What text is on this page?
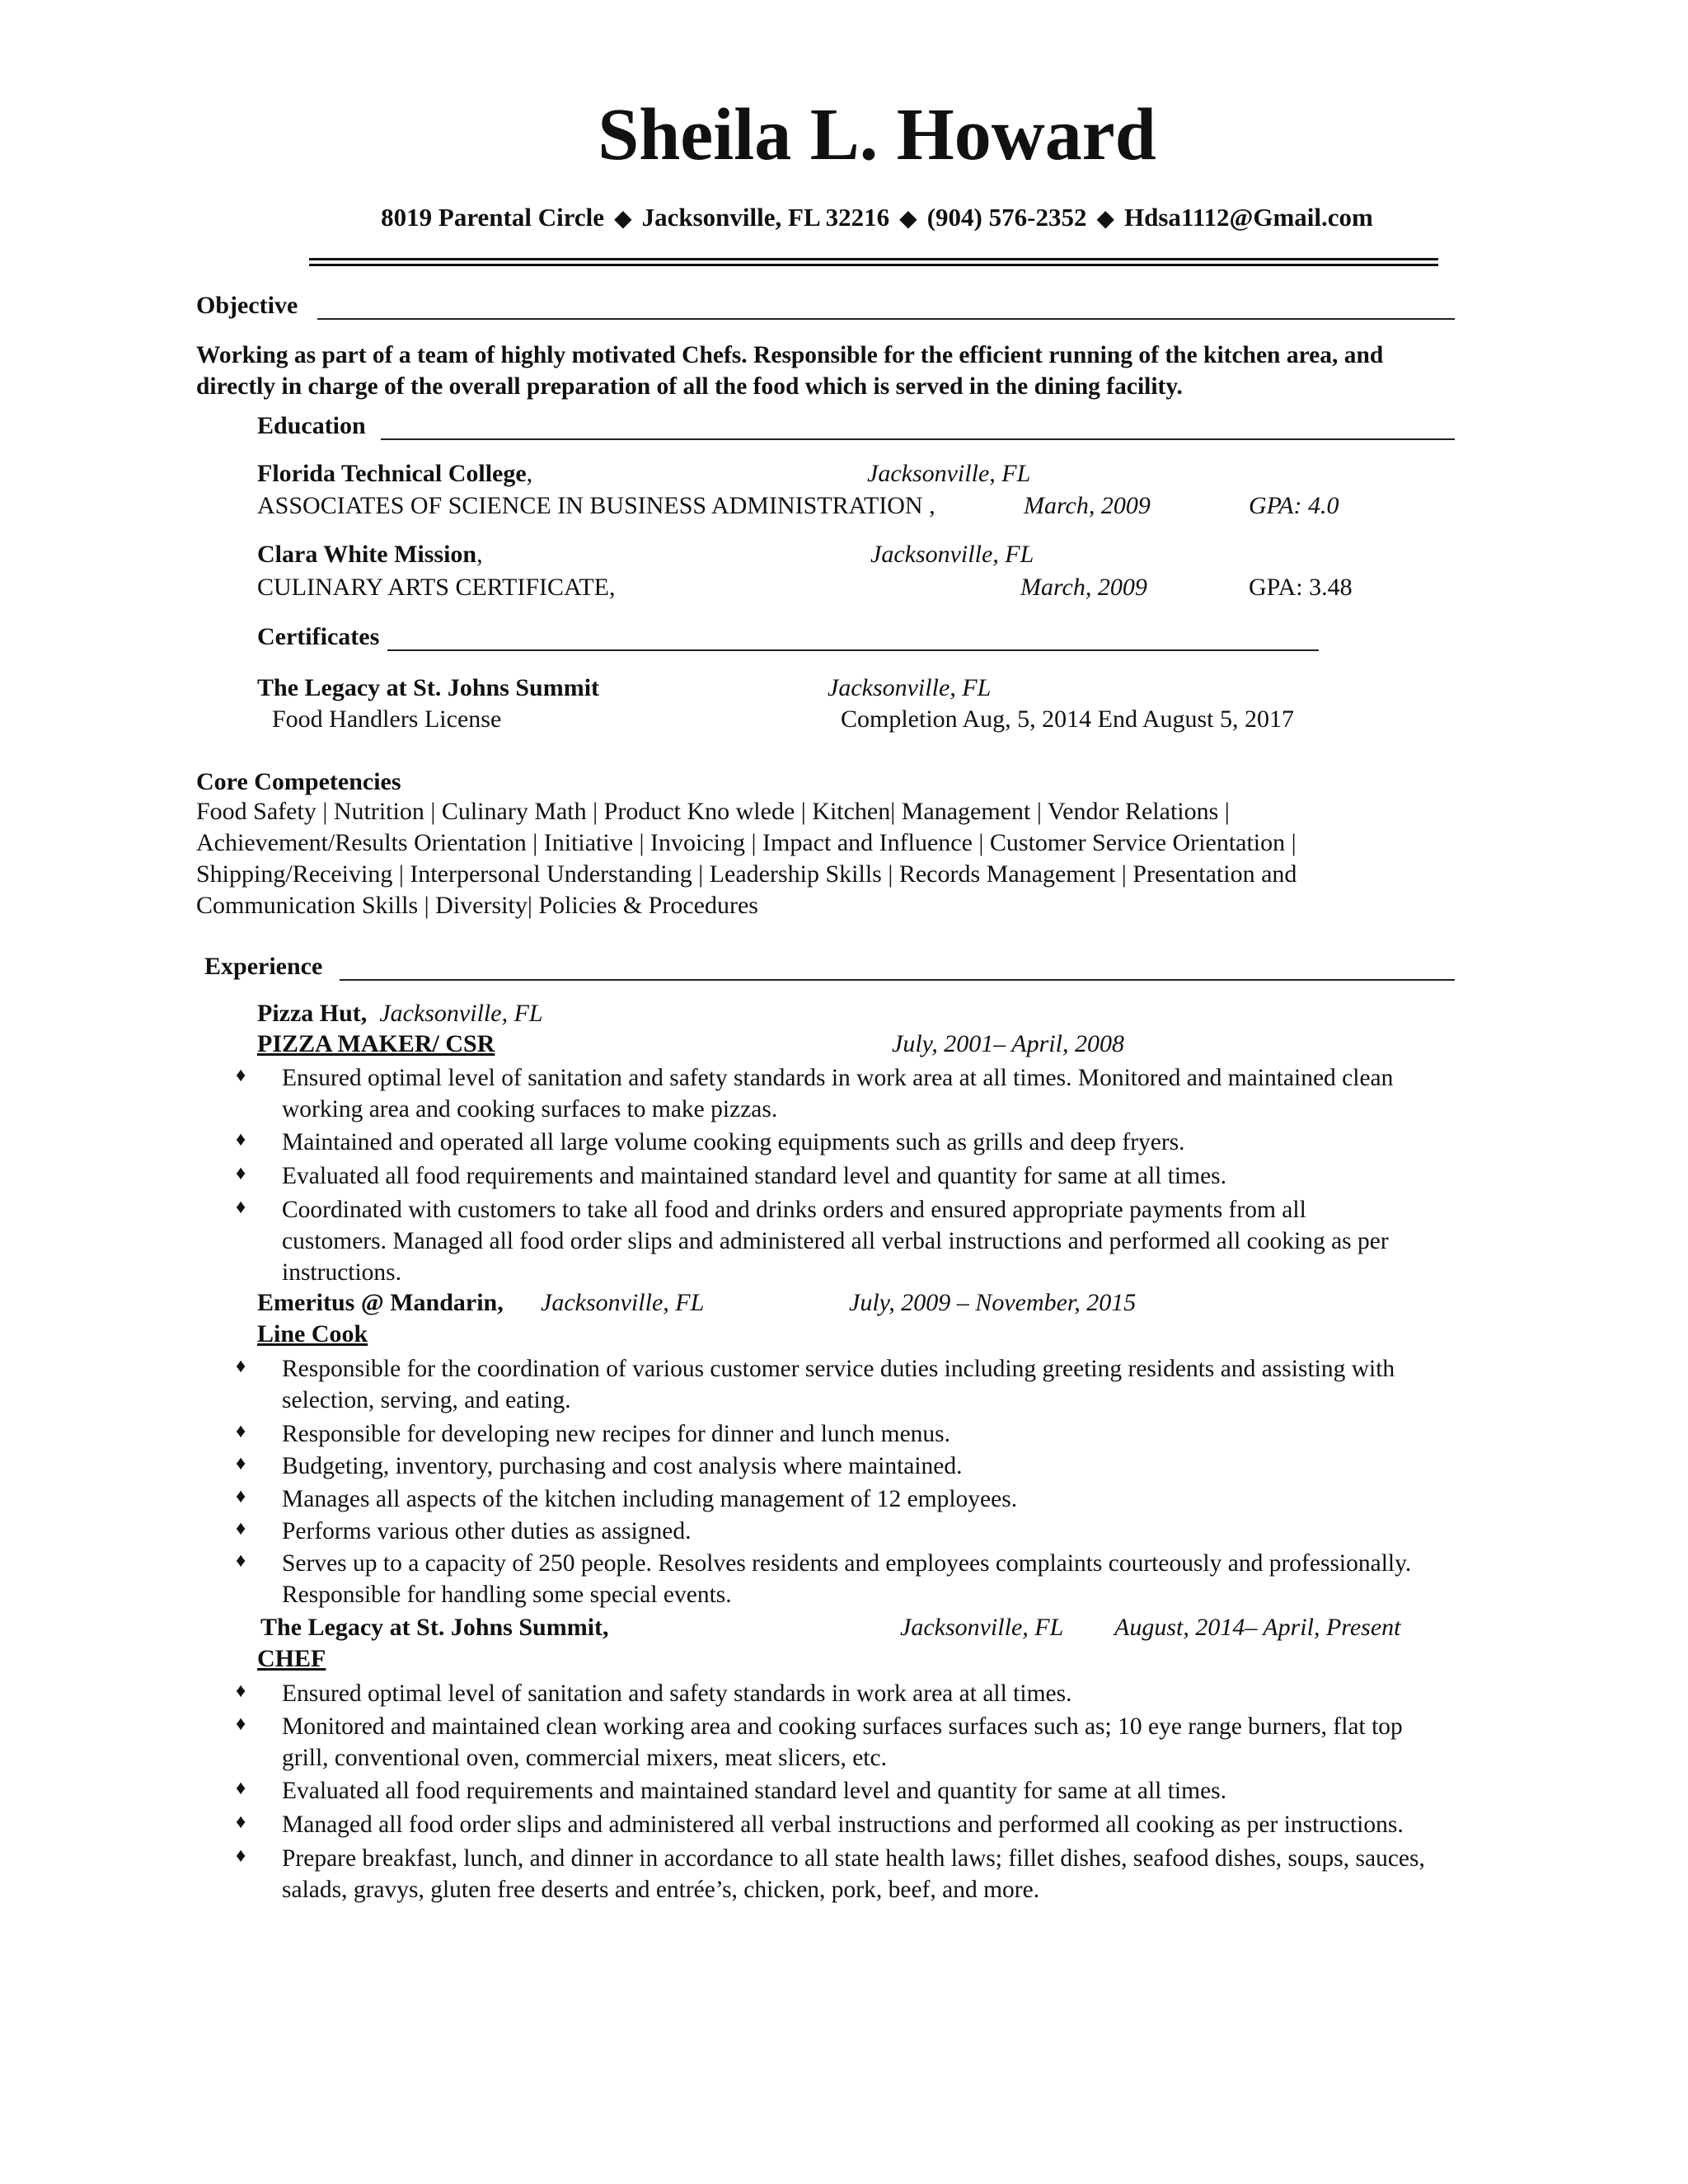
Sheila L. Howard
8019 Parental Circle ◆ Jacksonville, FL 32216 ◆ (904) 576-2352 ◆ Hdsa1112@Gmail.com
Objective
Working as part of a team of highly motivated Chefs. Responsible for the efficient running of the kitchen area, and
directly in charge of the overall preparation of all the food which is served in the dining facility.
Education
Florida Technical College,	Jacksonville, FL
ASSOCIATES OF SCIENCE IN BUSINESS ADMINISTRATION ,	March, 2009	GPA: 4.0
Clara White Mission,	Jacksonville, FL
CULINARY ARTS CERTIFICATE,	March, 2009	GPA: 3.48
Certificates
The Legacy at St. Johns Summit	Jacksonville, FL
Food Handlers License	Completion Aug, 5, 2014 End August 5, 2017
Core Competencies
Food Safety | Nutrition | Culinary Math | Product Kno wlede | Kitchen| Management | Vendor Relations |
Achievement/Results Orientation | Initiative | Invoicing | Impact and Influence | Customer Service Orientation |
Shipping/Receiving | Interpersonal Understanding | Leadership Skills | Records Management | Presentation and
Communication Skills | Diversity| Policies & Procedures
Experience
Pizza Hut, Jacksonville, FL
PIZZA MAKER/ CSR	July, 2001– April, 2008
♦ Ensured optimal level of sanitation and safety standards in work area at all times. Monitored and maintained clean
working area and cooking surfaces to make pizzas.
♦ Maintained and operated all large volume cooking equipments such as grills and deep fryers.
♦ Evaluated all food requirements and maintained standard level and quantity for same at all times.
♦ Coordinated with customers to take all food and drinks orders and ensured appropriate payments from all
customers. Managed all food order slips and administered all verbal instructions and performed all cooking as per
instructions.
Emeritus @ Mandarin, Jacksonville, FL	July, 2009 – November, 2015
Line Cook
♦ Responsible for the coordination of various customer service duties including greeting residents and assisting with
selection, serving, and eating.
♦ Responsible for developing new recipes for dinner and lunch menus.
♦ Budgeting, inventory, purchasing and cost analysis where maintained.
♦ Manages all aspects of the kitchen including management of 12 employees.
♦ Performs various other duties as assigned.
♦ Serves up to a capacity of 250 people. Resolves residents and employees complaints courteously and professionally.
Responsible for handling some special events.
The Legacy at St. Johns Summit,	Jacksonville, FL August, 2014– April, Present
CHEF
♦ Ensured optimal level of sanitation and safety standards in work area at all times.
♦ Monitored and maintained clean working area and cooking surfaces surfaces such as; 10 eye range burners, flat top
grill, conventional oven, commercial mixers, meat slicers, etc.
♦ Evaluated all food requirements and maintained standard level and quantity for same at all times.
♦ Managed all food order slips and administered all verbal instructions and performed all cooking as per instructions.
♦ Prepare breakfast, lunch, and dinner in accordance to all state health laws; fillet dishes, seafood dishes, soups, sauces,
salads, gravys, gluten free deserts and entrée’s, chicken, pork, beef, and more.
